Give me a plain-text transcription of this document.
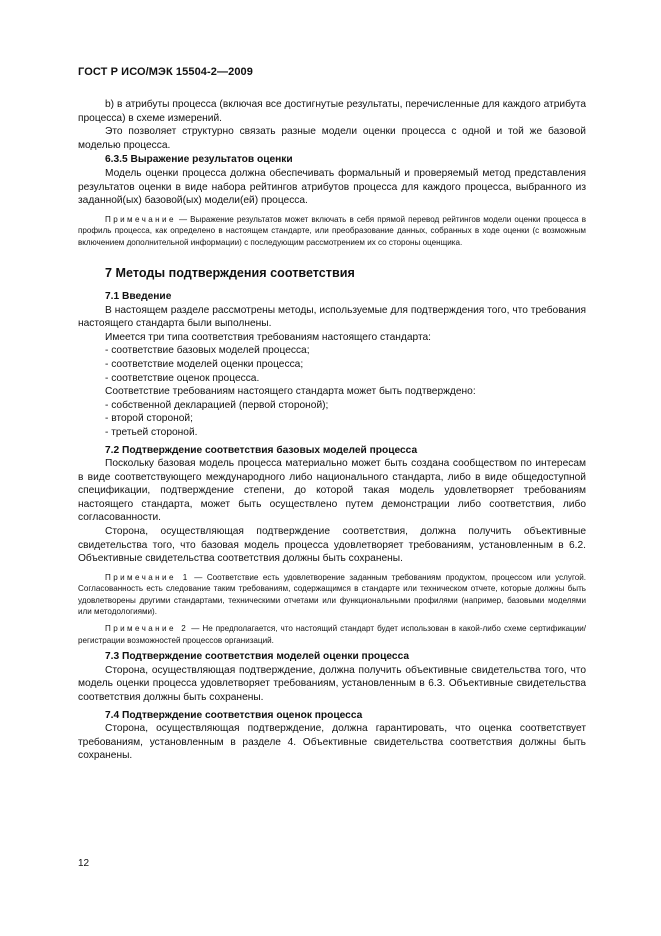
ГОСТ Р ИСО/МЭК 15504-2—2009

b) в атрибуты процесса (включая все достигнутые результаты, перечисленные для каждого атрибута процесса) в схеме измерений.

Это позволяет структурно связать разные модели оценки процесса с одной и той же базовой моделью процесса.

6.3.5 Выражение результатов оценки

Модель оценки процесса должна обеспечивать формальный и проверяемый метод представления результатов оценки в виде набора рейтингов атрибутов процесса для каждого процесса, выбранного из заданной(ых) базовой(ых) модели(ей) процесса.

Примечание — Выражение результатов может включать в себя прямой перевод рейтингов модели оценки процесса в профиль процесса, как определено в настоящем стандарте, или преобразование данных, собранных в ходе оценки (с возможным включением дополнительной информации) с последующим рассмотрением их со стороны оценщика.

7 Методы подтверждения соответствия

7.1 Введение

В настоящем разделе рассмотрены методы, используемые для подтверждения того, что требования настоящего стандарта были выполнены.

Имеется три типа соответствия требованиям настоящего стандарта:

- соответствие базовых моделей процесса;

- соответствие моделей оценки процесса;

- соответствие оценок процесса.

Соответствие требованиям настоящего стандарта может быть подтверждено:

- собственной декларацией (первой стороной);

- второй стороной;

- третьей стороной.

7.2 Подтверждение соответствия базовых моделей процесса

Поскольку базовая модель процесса материально может быть создана сообществом по интересам в виде соответствующего международного либо национального стандарта, либо в виде общедоступной спецификации, подтверждение степени, до которой такая модель удовлетворяет требованиям настоящего стандарта, может быть осуществлено путем демонстрации либо соответствия, либо согласованности.

Сторона, осуществляющая подтверждение соответствия, должна получить объективные свидетельства того, что базовая модель процесса удовлетворяет требованиям, установленным в 6.2. Объективные свидетельства соответствия должны быть сохранены.

Примечание 1 — Соответствие есть удовлетворение заданным требованиям продуктом, процессом или услугой. Согласованность есть следование таким требованиям, содержащимся в стандарте или техническом отчете, которые должны быть удовлетворены другими стандартами, техническими отчетами или функциональными профилями (например, базовыми моделями или методологиями).

Примечание 2 — Не предполагается, что настоящий стандарт будет использован в какой-либо схеме сертификации/регистрации возможностей процессов организаций.

7.3 Подтверждение соответствия моделей оценки процесса

Сторона, осуществляющая подтверждение, должна получить объективные свидетельства того, что модель оценки процесса удовлетворяет требованиям, установленным в 6.3. Объективные свидетельства соответствия должны быть сохранены.

7.4 Подтверждение соответствия оценок процесса

Сторона, осуществляющая подтверждение, должна гарантировать, что оценка соответствует требованиям, установленным в разделе 4. Объективные свидетельства соответствия должны быть сохранены.

12
